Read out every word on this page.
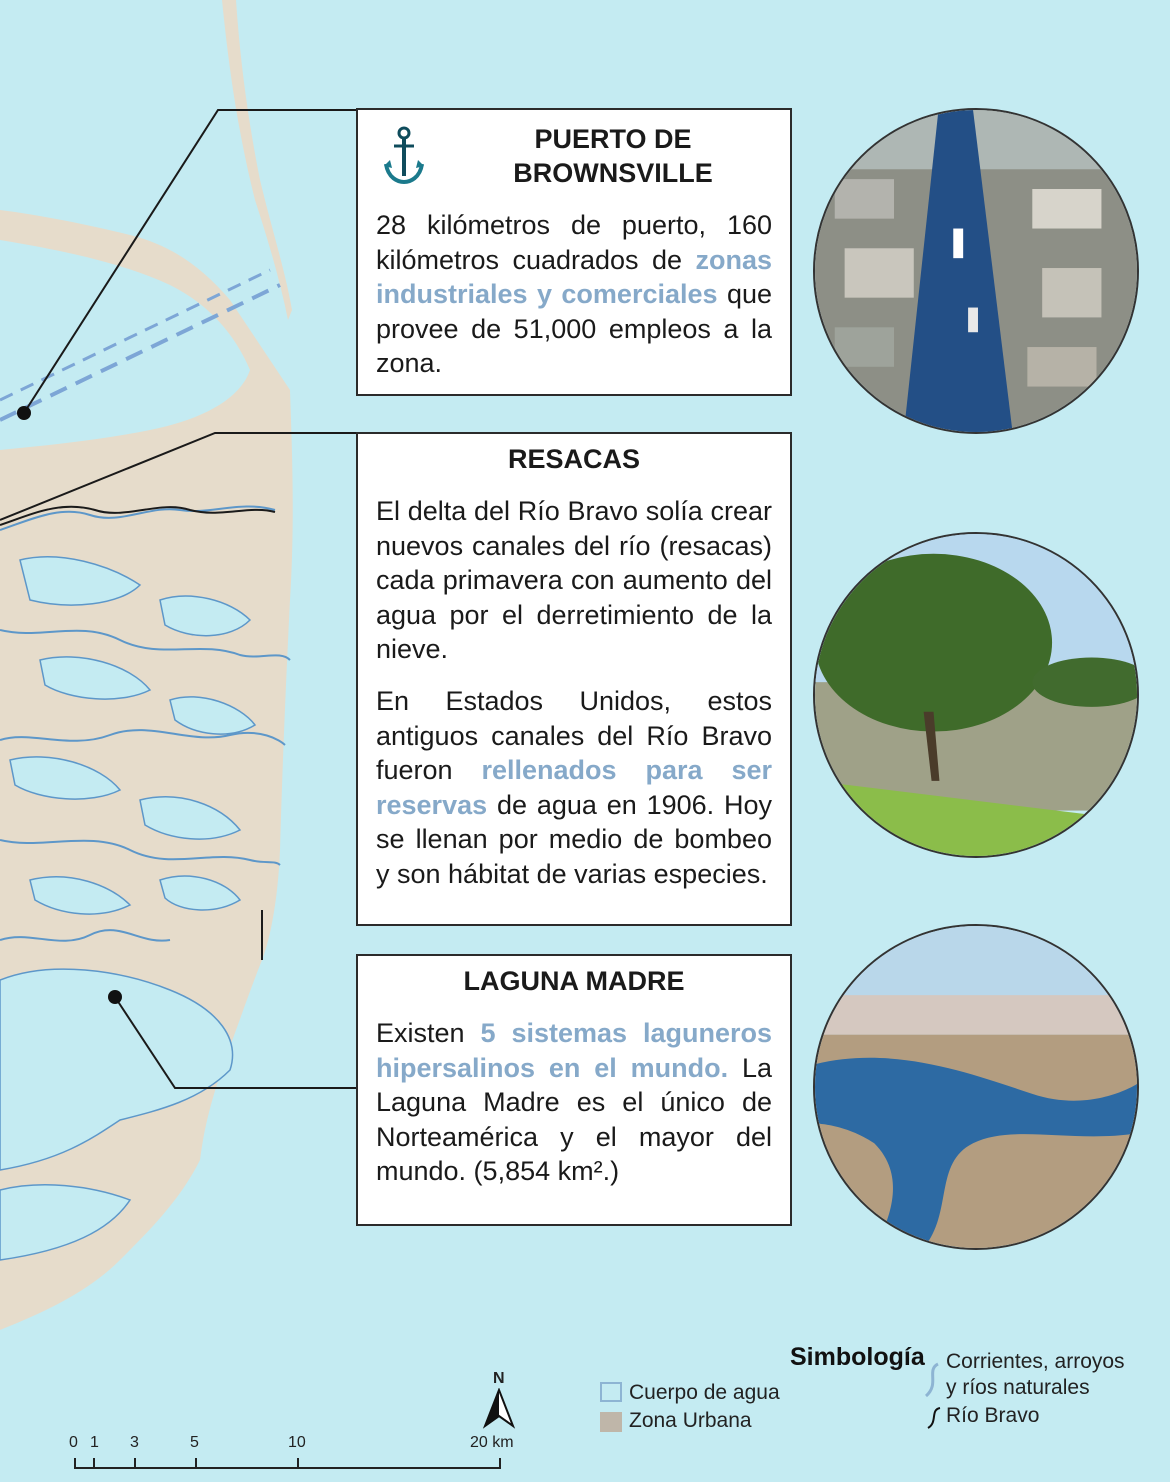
PUERTO DE
BROWNSVILLE

28 kilómetros de puerto, 160 kilómetros cuadrados de zonas industriales y comerciales que provee de 51,000 empleos a la zona.

RESACAS

El delta del Río Bravo solía crear nuevos canales del río (resacas) cada primavera con aumento del agua por el derretimiento de la nieve.

En Estados Unidos, estos antiguos canales del Río Bravo fueron rellenados para ser reservas de agua en 1906. Hoy se llenan por medio de bombeo y son hábitat de varias especies.

LAGUNA MADRE

Existen 5 sistemas laguneros hipersalinos en el mundo. La Laguna Madre es el único de Norteamérica y el mayor del mundo. (5,854 km².)

Simbología
Cuerpo de agua
Zona Urbana
Corrientes, arroyos
y ríos naturales
Río Bravo
N
0 1 3	5	10	20 km
